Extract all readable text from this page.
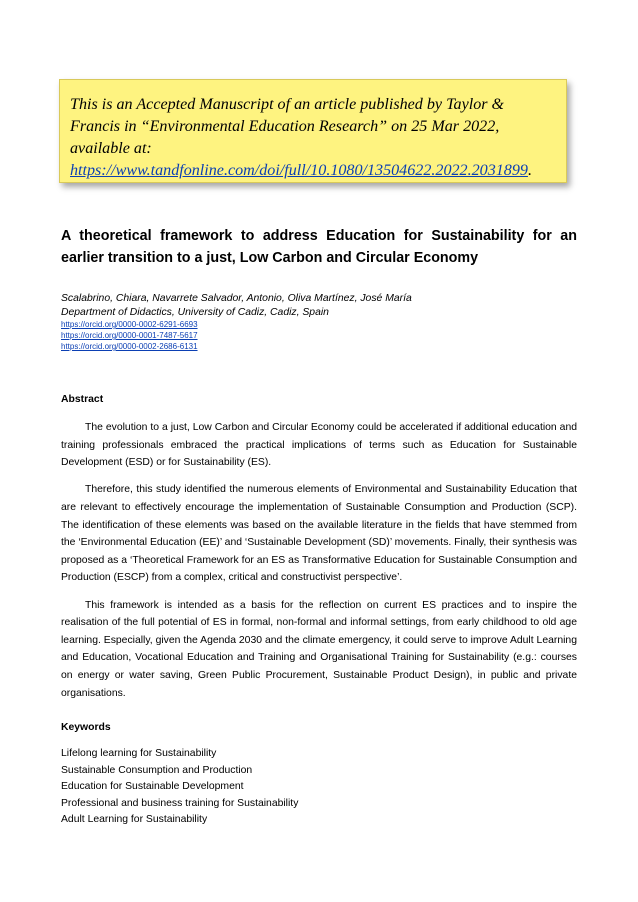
This is an Accepted Manuscript of an article published by Taylor & Francis in “Environmental Education Research” on 25 Mar 2022, available at: https://www.tandfonline.com/doi/full/10.1080/13504622.2022.2031899.
A theoretical framework to address Education for Sustainability for an earlier transition to a just, Low Carbon and Circular Economy
Scalabrino, Chiara, Navarrete Salvador, Antonio, Oliva Martínez, José María
Department of Didactics, University of Cadiz, Cadiz, Spain
https://orcid.org/0000-0002-6291-6693
https://orcid.org/0000-0001-7487-5617
https://orcid.org/0000-0002-2686-6131
Abstract

The evolution to a just, Low Carbon and Circular Economy could be accelerated if additional education and training professionals embraced the practical implications of terms such as Education for Sustainable Development (ESD) or for Sustainability (ES).

Therefore, this study identified the numerous elements of Environmental and Sustainability Education that are relevant to effectively encourage the implementation of Sustainable Consumption and Production (SCP). The identification of these elements was based on the available literature in the fields that have stemmed from the ‘Environmental Education (EE)’ and ‘Sustainable Development (SD)’ movements. Finally, their synthesis was proposed as a ‘Theoretical Framework for an ES as Transformative Education for Sustainable Consumption and Production (ESCP) from a complex, critical and constructivist perspective’.

This framework is intended as a basis for the reflection on current ES practices and to inspire the realisation of the full potential of ES in formal, non-formal and informal settings, from early childhood to old age learning. Especially, given the Agenda 2030 and the climate emergency, it could serve to improve Adult Learning and Education, Vocational Education and Training and Organisational Training for Sustainability (e.g.: courses on energy or water saving, Green Public Procurement, Sustainable Product Design), in public and private organisations.

Keywords
Lifelong learning for Sustainability
Sustainable Consumption and Production
Education for Sustainable Development
Professional and business training for Sustainability
Adult Learning for Sustainability
